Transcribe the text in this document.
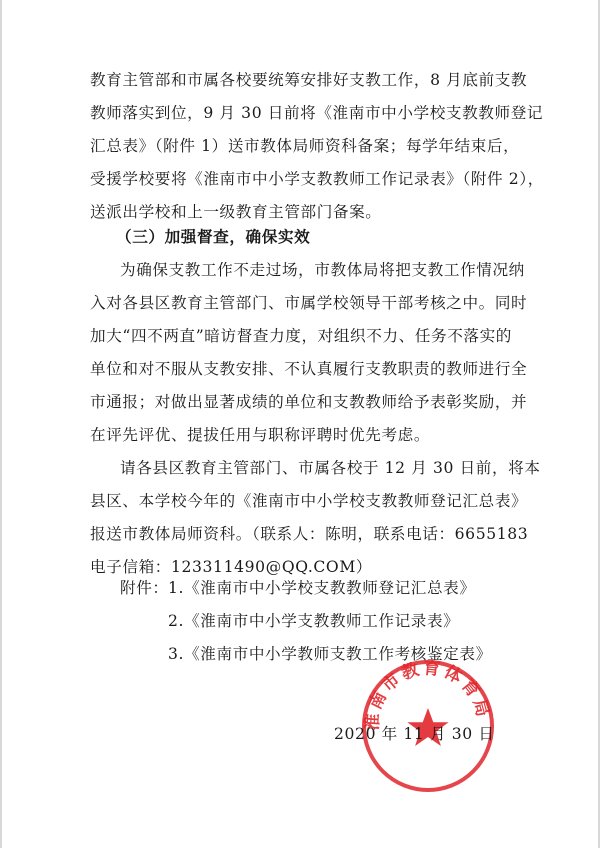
教育主管部和市属各校要统筹安排好支教工作，8 月底前支教
教师落实到位，9 月 30 日前将《淮南市中小学校支教教师登记
汇总表》（附件 1）送市教体局师资科备案；每学年结束后，
受援学校要将《淮南市中小学支教教师工作记录表》（附件 2），
送派出学校和上一级教育主管部门备案。
（三）加强督查，确保实效
为确保支教工作不走过场，市教体局将把支教工作情况纳
入对各县区教育主管部门、市属学校领导干部考核之中。同时
加大“四不两直”暗访督查力度，对组织不力、任务不落实的
单位和对不服从支教安排、不认真履行支教职责的教师进行全
市通报；对做出显著成绩的单位和支教教师给予表彰奖励，并
在评先评优、提拔任用与职称评聘时优先考虑。
请各县区教育主管部门、市属各校于 12 月 30 日前，将本
县区、本学校今年的《淮南市中小学校支教教师登记汇总表》
报送市教体局师资科。（联系人：陈明，联系电话：6655183
电子信箱：123311490@QQ.COM）
附件： 1.《淮南市中小学校支教教师登记汇总表》
2.《淮南市中小学支教教师工作记录表》
3.《淮南市中小学教师支教工作考核鉴定表》
淮南市教育体育局
2020 年 11 月 30 日
